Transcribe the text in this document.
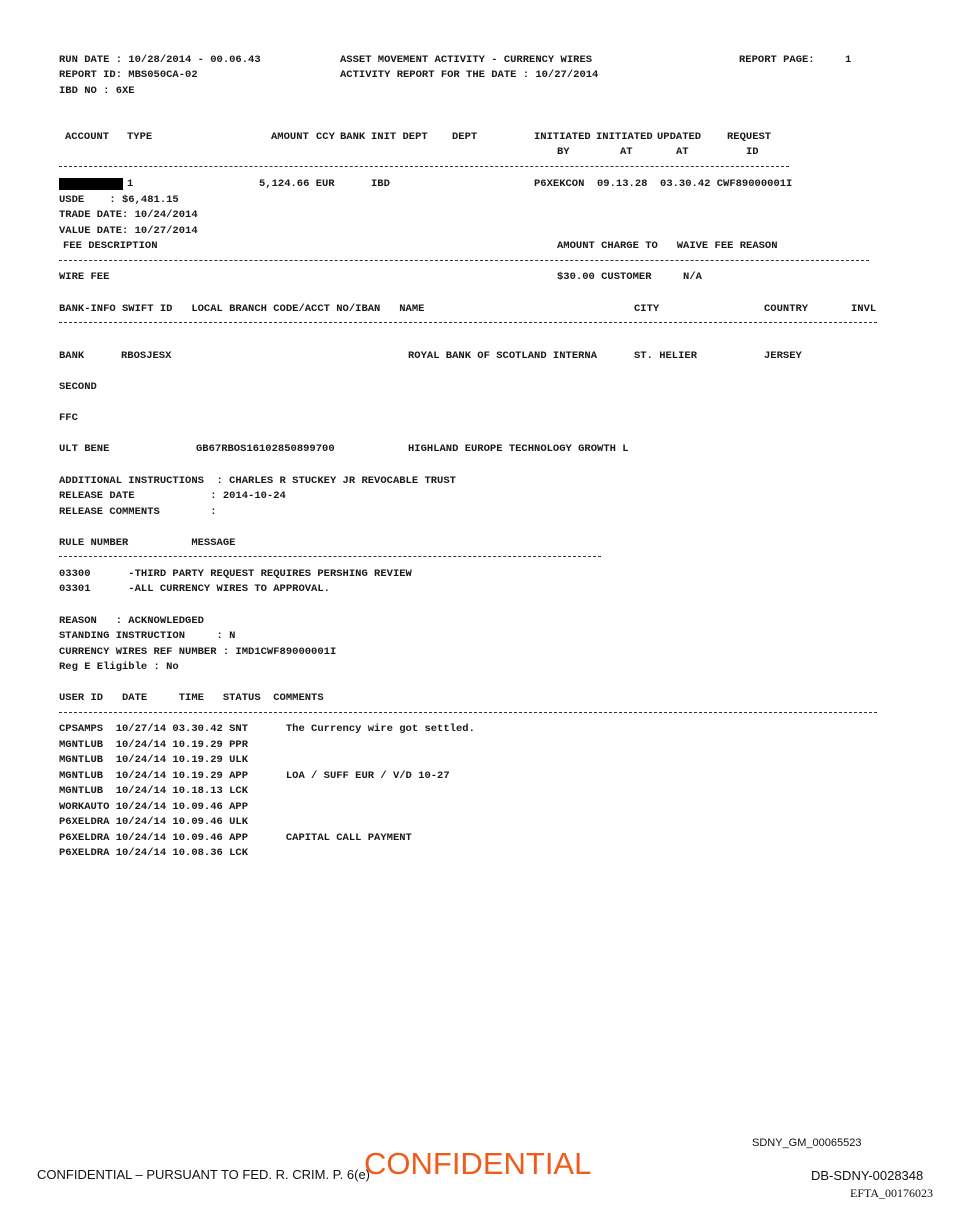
RUN DATE : 10/28/2014 - 00.06.43
REPORT ID: MBS050CA-02
IBD NO : 6XE
ASSET MOVEMENT ACTIVITY - CURRENCY WIRES
ACTIVITY REPORT FOR THE DATE : 10/27/2014
REPORT PAGE:	1
ACCOUNT TYPE	AMOUNT CCY BANK INIT DEPT DEPT	INITIATED INITIATED UPDATED REQUEST
BY	AT	AT	ID
1	5,124.66 EUR	IBD	P6XEKCON  09.13.28  03.30.42 CWF89000001I
USDE    : $6,481.15
TRADE DATE: 10/24/2014
VALUE DATE: 10/27/2014
FEE DESCRIPTION	AMOUNT CHARGE TO   WAIVE FEE REASON
WIRE FEE	$30.00 CUSTOMER     N/A
BANK-INFO SWIFT ID   LOCAL BRANCH CODE/ACCT NO/IBAN   NAME	CITY	COUNTRY	INVL
BANK	RBOSJESX	ROYAL BANK OF SCOTLAND INTERNA	ST. HELIER	JERSEY
SECOND
FFC
ULT BENE	GB67RBOS16102850899700	HIGHLAND EUROPE TECHNOLOGY GROWTH L
ADDITIONAL INSTRUCTIONS  : CHARLES R STUCKEY JR REVOCABLE TRUST
RELEASE DATE            : 2014-10-24
RELEASE COMMENTS        :
RULE NUMBER          MESSAGE
03300      -THIRD PARTY REQUEST REQUIRES PERSHING REVIEW
03301      -ALL CURRENCY WIRES TO APPROVAL.
REASON   : ACKNOWLEDGED
STANDING INSTRUCTION     : N
CURRENCY WIRES REF NUMBER : IMD1CWF89000001I
Reg E Eligible : No
USER ID   DATE     TIME   STATUS  COMMENTS
CPSAMPS  10/27/14 03.30.42 SNT      The Currency wire got settled.
MGNTLUB  10/24/14 10.19.29 PPR
MGNTLUB  10/24/14 10.19.29 ULK
MGNTLUB  10/24/14 10.19.29 APP      LOA / SUFF EUR / V/D 10-27
MGNTLUB  10/24/14 10.18.13 LCK
WORKAUTO 10/24/14 10.09.46 APP
P6XELDRA 10/24/14 10.09.46 ULK
P6XELDRA 10/24/14 10.09.46 APP      CAPITAL CALL PAYMENT
P6XELDRA 10/24/14 10.08.36 LCK
SDNY_GM_00065523
CONFIDENTIAL – PURSUANT TO FED. R. CRIM. P. 6(e)
CONFIDENTIAL	DB-SDNY-0028348
EFTA_00176023
